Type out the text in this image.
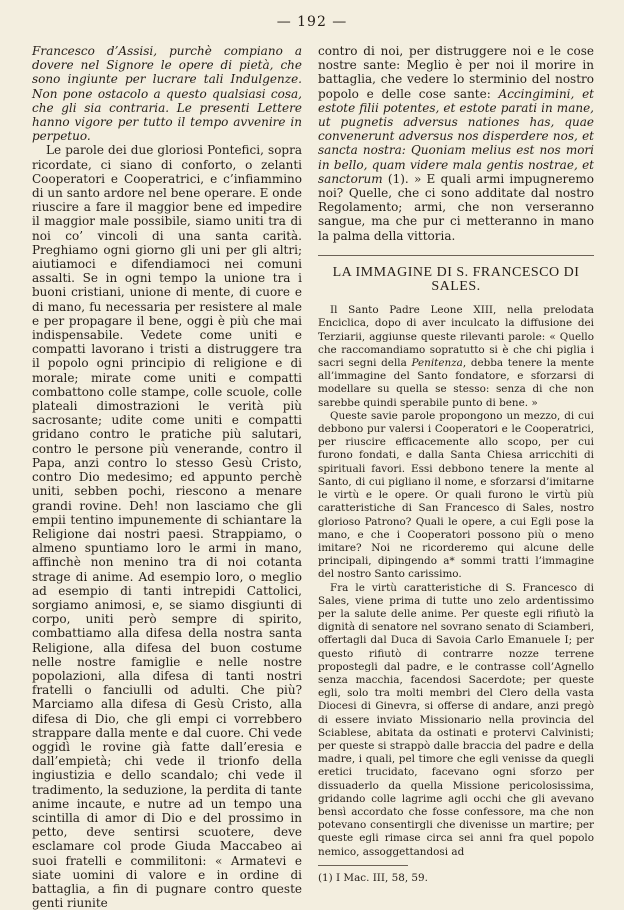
— 192 —

Francesco d’Assisi, purchè compiano a dovere nel Signore le opere di pietà, che sono ingiunte per lucrare tali Indulgenze. Non pone ostacolo a questo qualsiasi cosa, che gli sia contraria. Le presenti Lettere hanno vigore per tutto il tempo avvenire in perpetuo.

Le parole dei due gloriosi Pontefici, sopra ricordate, ci siano di conforto, o zelanti Cooperatori e Cooperatrici, e c’infiammino di un santo ardore nel bene operare. E onde riuscire a fare il maggior bene ed impedire il maggior male possibile, siamo uniti tra di noi co’ vincoli di una santa carità. Preghiamo ogni giorno gli uni per gli altri; aiutiamoci e difendiamoci nei comuni assalti. Se in ogni tempo la unione tra i buoni cristiani, unione di mente, di cuore e di mano, fu necessaria per resistere al male e per propagare il bene, oggi è più che mai indispensabile. Vedete come uniti e compatti lavorano i tristi a distruggere tra il popolo ogni principio di religione e di morale; mirate come uniti e compatti combattono colle stampe, colle scuole, colle plateali dimostrazioni le verità più sacrosante; udite come uniti e compatti gridano contro le pratiche più salutari, contro le persone più venerande, contro il Papa, anzi contro lo stesso Gesù Cristo, contro Dio medesimo; ed appunto perchè uniti, sebben pochi, riescono a menare grandi rovine. Deh! non lasciamo che gli empii tentino impunemente di schiantare la Religione dai nostri paesi. Strappiamo, o almeno spuntiamo loro le armi in mano, affinchè non menino tra di noi cotanta strage di anime. Ad esempio loro, o meglio ad esempio di tanti intrepidi Cattolici, sorgiamo animosi, e, se siamo disgiunti di corpo, uniti però sempre di spirito, combattiamo alla difesa della nostra santa Religione, alla difesa del buon costume nelle nostre famiglie e nelle nostre popolazioni, alla difesa di tanti nostri fratelli o fanciulli od adulti. Che più? Marciamo alla difesa di Gesù Cristo, alla difesa di Dio, che gli empi ci vorrebbero strappare dalla mente e dal cuore. Chi vede oggidì le rovine già fatte dall’eresia e dall’empietà; chi vede il trionfo della ingiustizia e dello scandalo; chi vede il tradimento, la seduzione, la perdita di tante anime incaute, e nutre ad un tempo una scintilla di amor di Dio e del prossimo in petto, deve sentirsi scuotere, deve esclamare col prode Giuda Maccabeo ai suoi fratelli e commilitoni: « Armatevi e siate uomini di valore e in ordine di battaglia, a fin di pugnare contro queste genti riunite

contro di noi, per distruggere noi e le cose nostre sante: Meglio è per noi il morire in battaglia, che vedere lo sterminio del nostro popolo e delle cose sante: Accingimini, et estote filii potentes, et estote parati in mane, ut pugnetis adversus nationes has, quae convenerunt adversus nos disperdere nos, et sancta nostra: Quoniam melius est nos mori in bello, quam videre mala gentis nostrae, et sanctorum (1). » E quali armi impugneremo noi? Quelle, che ci sono additate dal nostro Regolamento; armi, che non verseranno sangue, ma che pur ci metteranno in mano la palma della vittoria.

LA IMMAGINE DI S. FRANCESCO DI SALES.

Il Santo Padre Leone XIII, nella prelodata Enciclica, dopo di aver inculcato la diffusione dei Terziarii, aggiunse queste rilevanti parole: « Quello che raccomandiamo sopratutto si è che chi piglia i sacri segni della Penitenza, debba tenere la mente all’immagine del Santo fondatore, e sforzarsi di modellare su quella se stesso: senza di che non sarebbe quindi sperabile punto di bene. »

Queste savie parole propongono un mezzo, di cui debbono pur valersi i Cooperatori e le Cooperatrici, per riuscire efficacemente allo scopo, per cui furono fondati, e dalla Santa Chiesa arricchiti di spirituali favori. Essi debbono tenere la mente al Santo, di cui pigliano il nome, e sforzarsi d’imitarne le virtù e le opere. Or quali furono le virtù più caratteristiche di San Francesco di Sales, nostro glorioso Patrono? Quali le opere, a cui Egli pose la mano, e che i Cooperatori possono più o meno imitare? Noi ne ricorderemo qui alcune delle principali, dipingendo a* sommi tratti l’immagine del nostro Santo carissimo.

Fra le virtù caratteristiche di S. Francesco di Sales, viene prima di tutte uno zelo ardentissimo per la salute delle anime. Per queste egli rifiutò la dignità di senatore nel sovrano senato di Sciamberi, offertagli dal Duca di Savoia Carlo Emanuele I; per questo rifiutò di contrarre nozze terrene propostegli dal padre, e le contrasse coll’Agnello senza macchia, facendosi Sacerdote; per queste egli, solo tra molti membri del Clero della vasta Diocesi di Ginevra, si offerse di andare, anzi pregò di essere inviato Missionario nella provincia del Sciablese, abitata da ostinati e protervi Calvinisti; per queste si strappò dalle braccia del padre e della madre, i quali, pel timore che egli venisse da quegli eretici trucidato, facevano ogni sforzo per dissuaderlo da quella Missione pericolosissima, gridando colle lagrime agli occhi che gli avevano bensì accordato che fosse confessore, ma che non potevano consentirgli che divenisse un martire; per queste egli rimase circa sei anni fra quel popolo nemico, assoggettandosi ad

(1) I Mac. III, 58, 59.
